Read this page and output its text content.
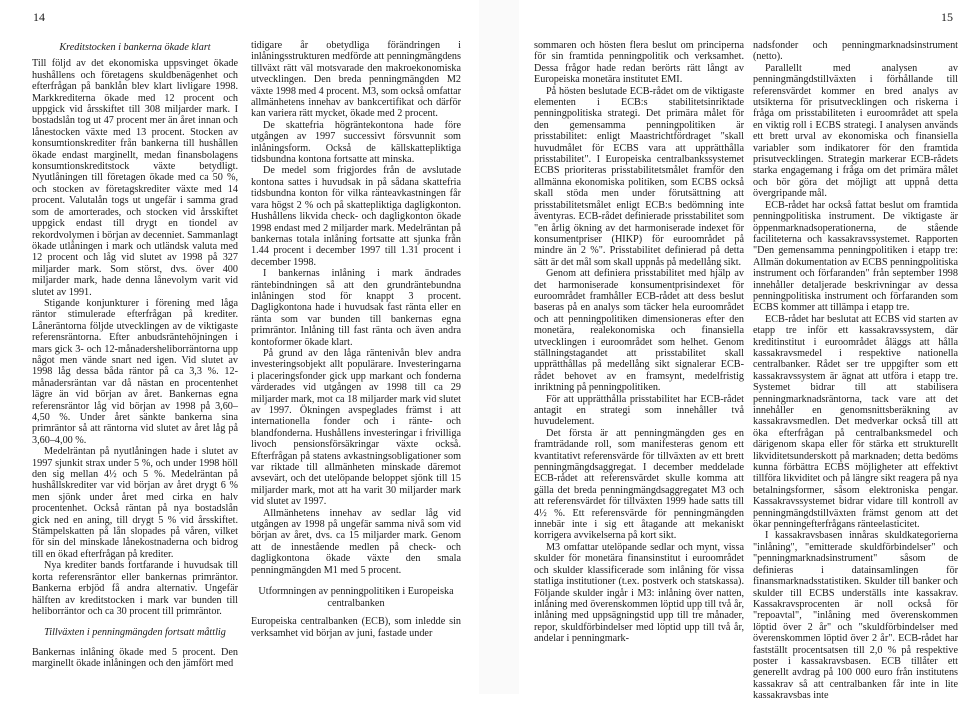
14	15
Kreditstocken i bankerna ökade klart

Till följd av det ekonomiska uppsvinget ökade hushållens och företagens skuldbenägenhet och efterfrågan på banklån blev klart livligare 1998. Markkrediterna ökade med 12 procent och uppgick vid årsskiftet till 308 miljarder mark. I bostadslån tog ut 47 procent mer än året innan och lånestocken växte med 13 procent. Stocken av konsumtionskrediter från bankerna till hushållen ökade endast marginellt, medan finansbolagens konsumtionskreditstock växte betydligt. Nyutlåningen till företagen ökade med ca 50 %, och stocken av företagskrediter växte med 14 procent. Valutalån togs ut ungefär i samma grad som de amorterades, och stocken vid årsskiftet uppgick endast till drygt en tiondel av rekordvolymen i början av decenniet. Sammanlagt ökade utlåningen i mark och utländsk valuta med 12 procent och låg vid slutet av 1998 på 327 miljarder mark. Som störst, dvs. över 400 miljarder mark, hade denna lånevolym varit vid slutet av 1991.

Stigande konjunkturer i förening med låga räntor stimulerade efterfrågan på krediter. Låneräntorna följde utvecklingen av de viktigaste referensräntorna. Efter anbudsräntehöjningen i mars gick 3- och 12-månadersheliborräntorna upp något men vände snart ned igen. Vid slutet av 1998 låg dessa båda räntor på ca 3,3 %. 12-månadersräntan var då nästan en procentenhet lägre än vid början av året. Bankernas egna referensräntor låg vid början av 1998 på 3,60–4,50 %. Under året sänkte bankerna sina primräntor så att räntorna vid slutet av året låg på 3,60–4,00 %.

Medelräntan på nyutlåningen hade i slutet av 1997 sjunkit strax under 5 %, och under 1998 höll den sig mellan 4½ och 5 %. Medelräntan på hushållskrediter var vid början av året drygt 6 % men sjönk under året med cirka en halv procentenhet. Också räntan på nya bostadslån gick ned en aning, till drygt 5 % vid årsskiftet. Stämpelskatten på lån slopades på våren, vilket för sin del minskade lånekostnaderna och bidrog till en ökad efterfrågan på krediter.

Nya krediter bands fortfarande i huvudsak till korta referensräntor eller bankernas primräntor. Bankerna erbjöd få andra alternativ. Ungefär hälften av kreditstocken i mark var bunden till heliborräntor och ca 30 procent till primräntor.

Tillväxten i penningmängden fortsatt måttlig

Bankernas inlåning ökade med 5 procent. Den marginellt ökade inlåningen och den jämfört med

tidigare år obetydliga förändringen i inlåningsstrukturen medförde att penningmängdens tillväxt rätt väl motsvarade den makroekonomiska utvecklingen. Den breda penningmängden M2 växte 1998 med 4 procent. M3, som också omfattar allmänhetens innehav av bankcertifikat och därför kan variera rätt mycket, ökade med 2 procent.

De skattefria högräntekontona hade före utgången av 1997 successivt försvunnit som inlåningsform. Också de källskattepliktiga tidsbundna kontona fortsatte att minska.

De medel som frigjordes från de avslutade kontona sattes i huvudsak in på sådana skattefria tidsbundna konton för vilka ränteavkastningen får vara högst 2 % och på skattepliktiga dagligkonton. Hushållens likvida check- och dagligkonton ökade 1998 endast med 2 miljarder mark. Medelräntan på bankernas totala inlåning fortsatte att sjunka från 1.44 procent i december 1997 till 1.31 procent i december 1998.

I bankernas inlåning i mark ändrades räntebindningen så att den grundräntebundna inlåningen stod för knappt 3 procent. Dagligkontona hade i huvudsak fast ränta eller en ränta som var bunden till bankernas egna primräntor. Inlåning till fast ränta och även andra kontoformer ökade klart.

På grund av den låga räntenivån blev andra investeringsobjekt allt populärare. Investeringarna i placeringsfonder gick upp markant och fonderna värderades vid utgången av 1998 till ca 29 miljarder mark, mot ca 18 miljarder mark vid slutet av 1997. Ökningen avspeglades främst i att internationella fonder och i ränte- och blandfonderna. Hushållens investeringar i frivilliga livoch pensionsförsäkringar växte också. Efterfrågan på statens avkastningsobligationer som var riktade till allmänheten minskade däremot avsevärt, och det utelöpande beloppet sjönk till 15 miljarder mark, mot att ha varit 30 miljarder mark vid slutet av 1997.

Allmänhetens innehav av sedlar låg vid utgången av 1998 på ungefär samma nivå som vid början av året, dvs. ca 15 miljarder mark. Genom att de innestående medlen på check- och dagligkontona ökade växte den smala penningmängden M1 med 5 procent.

Utformningen av penningpolitiken i Europeiska centralbanken

Europeiska centralbanken (ECB), som inledde sin verksamhet vid början av juni, fastade under

sommaren och hösten flera beslut om principerna för sin framtida penningpolitik och verksamhet. Dessa frågor hade redan berörts rätt långt av Europeiska monetära institutet EMI.

På hösten beslutade ECB-rådet om de viktigaste elementen i ECB:s stabilitetsinriktade penningpolitiska strategi. Det primära målet för den gemensamma penningpolitiken är prisstabilitet: enligt Maastrichtfördraget "skall huvudmålet för ECBS vara att upprätthålla prisstabilitet". I Europeiska centralbankssystemet ECBS prioriteras prisstabilitetsmålet framför den allmänna ekonomiska politiken, som ECBS också skall stöda men under förutsättning att prisstabilitetsmålet enligt ECB:s bedömning inte äventyras. ECB-rådet definierade prisstabilitet som "en årlig ökning av det harmoniserade indexet för konsumentpriser (HIKP) för euroområdet på mindre än 2 %". Prisstabilitet definierad på detta sätt är det mål som skall uppnås på medellång sikt.

Genom att definiera prisstabilitet med hjälp av det harmoniserade konsumentprisindexet för euroområdet framhåller ECB-rådet att dess beslut baseras på en analys som täcker hela euroområdet och att penningpolitiken dimensioneras efter den monetära, realekonomiska och finansiella utvecklingen i euroområdet som helhet. Genom ställningstagandet att prisstabilitet skall upprätthållas på medellång sikt signalerar ECB-rådet behovet av en framsynt, medelfristig inriktning på penningpolitiken.

För att upprätthålla prisstabilitet har ECB-rådet antagit en strategi som innehåller två huvudelement.

Det första är att penningmängden ges en framträdande roll, som manifesteras genom ett kvantitativt referensvärde för tillväxten av ett brett penningmängdsaggregat. I december meddelade ECB-rådet att referensvärdet skulle komma att gälla det breda penningmängdsaggregatet M3 och att referensvärdet för tillväxten 1999 hade satts till 4½ %. Ett referensvärde för penningmängden innebär inte i sig ett åtagande att mekaniskt korrigera avvikelserna på kort sikt.

M3 omfattar utelöpande sedlar och mynt, vissa skulder för monetära finansinstitut i euroområdet och skulder klassificerade som inlåning för vissa statliga institutioner (t.ex. postverk och statskassa). Följande skulder ingår i M3: inlåning över natten, inlåning med överenskommen löptid upp till två år, inlåning med uppsägningstid upp till tre månader, repor, skuldförbindelser med löptid upp till två år, andelar i penningmark-

nadsfonder och penningmarknadsinstrument (netto).

Parallellt med analysen av penningmängdstillväxten i förhållande till referensvärdet kommer en bred analys av utsikterna för prisutvecklingen och riskerna i fråga om prisstabiliteten i euroområdet att spela en viktig roll i ECBS strategi. I analysen används ett brett urval av ekonomiska och finansiella variabler som indikatorer för den framtida prisutvecklingen. Strategin markerar ECB-rådets starka engagemang i fråga om det primära målet och bör göra det möjligt att uppnå detta övergripande mål.

ECB-rådet har också fattat beslut om framtida penningpolitiska instrument. De viktigaste är öppenmarknadsoperationerna, de stående faciliteterna och kassakravssystemet. Rapporten "Den gemensamma penningpolitiken i etapp tre: Allmän dokumentation av ECBS penningpolitiska instrument och förfaranden" från september 1998 innehåller detaljerade beskrivningar av dessa penningpolitiska instrument och förfaranden som ECBS kommer att tillämpa i etapp tre.

ECB-rådet har beslutat att ECBS vid starten av etapp tre inför ett kassakravssystem, där kreditinstitut i euroområdet åläggs att hålla kassakravsmedel i respektive nationella centralbanker. Rådet ser tre uppgifter som ett kassakravssystem är ägnat att utföra i etapp tre. Systemet bidrar till att stabilisera penningmarknadsräntorna, tack vare att det innehåller en genomsnittsberäkning av kassakravsmedlen. Det medverkar också till att öka efterfrågan på centralbanksmedel och därigenom skapa eller för stärka ett strukturellt likviditetsunderskott på marknaden; detta bedöms kunna förbättra ECBS möjligheter att effektivt tillföra likviditet och på längre sikt reagera på nya betalningsformer, såsom elektroniska pengar. Kassakravssystemet bidrar vidare till kontroll av penningmängdstillväxten främst genom att det ökar penningefterfrågans ränteelasticitet.

I kassakravsbasen innåras skuldkategorierna "inlåning", "emitterade skuldförbindelser" och "penningmarknadsinstrument" såsom de definieras i datainsamlingen för finansmarknadsstatistiken. Skulder till banker och skulder till ECBS underställs inte kassakrav. Kassakravsprocenten är noll också för "repoavtal", "inlåning med överenskommen löptid över 2 år" och "skuldförbindelser med överenskommen löptid över 2 år". ECB-rådet har fastställt procentsatsen till 2,0 % på respektive poster i kassakravsbasen. ECB tillåter ett generellt avdrag på 100 000 euro från institutens kassakrav så att centralbanken får inte in lite kassakravsbas inte
